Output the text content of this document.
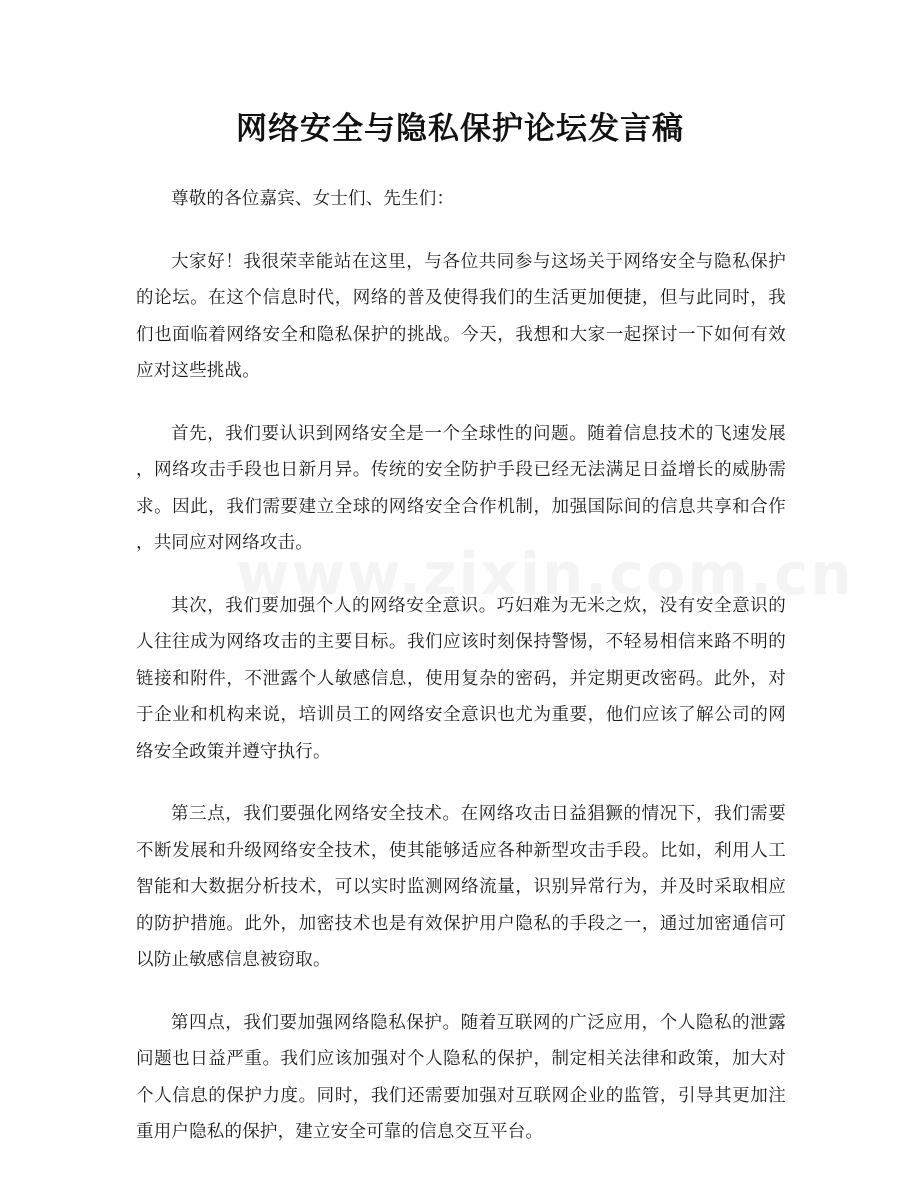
网络安全与隐私保护论坛发言稿
尊敬的各位嘉宾、女士们、先生们：
大家好！我很荣幸能站在这里，与各位共同参与这场关于网络安全与隐私保护
的论坛。在这个信息时代，网络的普及使得我们的生活更加便捷，但与此同时，我
们也面临着网络安全和隐私保护的挑战。今天，我想和大家一起探讨一下如何有效
应对这些挑战。
首先，我们要认识到网络安全是一个全球性的问题。随着信息技术的飞速发展
，网络攻击手段也日新月异。传统的安全防护手段已经无法满足日益增长的威胁需
求。因此，我们需要建立全球的网络安全合作机制，加强国际间的信息共享和合作
，共同应对网络攻击。
其次，我们要加强个人的网络安全意识。巧妇难为无米之炊，没有安全意识的
人往往成为网络攻击的主要目标。我们应该时刻保持警惕，不轻易相信来路不明的
链接和附件，不泄露个人敏感信息，使用复杂的密码，并定期更改密码。此外，对
于企业和机构来说，培训员工的网络安全意识也尤为重要，他们应该了解公司的网
络安全政策并遵守执行。
第三点，我们要强化网络安全技术。在网络攻击日益猖獗的情况下，我们需要
不断发展和升级网络安全技术，使其能够适应各种新型攻击手段。比如，利用人工
智能和大数据分析技术，可以实时监测网络流量，识别异常行为，并及时采取相应
的防护措施。此外，加密技术也是有效保护用户隐私的手段之一，通过加密通信可
以防止敏感信息被窃取。
第四点，我们要加强网络隐私保护。随着互联网的广泛应用，个人隐私的泄露
问题也日益严重。我们应该加强对个人隐私的保护，制定相关法律和政策，加大对
个人信息的保护力度。同时，我们还需要加强对互联网企业的监管，引导其更加注
重用户隐私的保护，建立安全可靠的信息交互平台。
